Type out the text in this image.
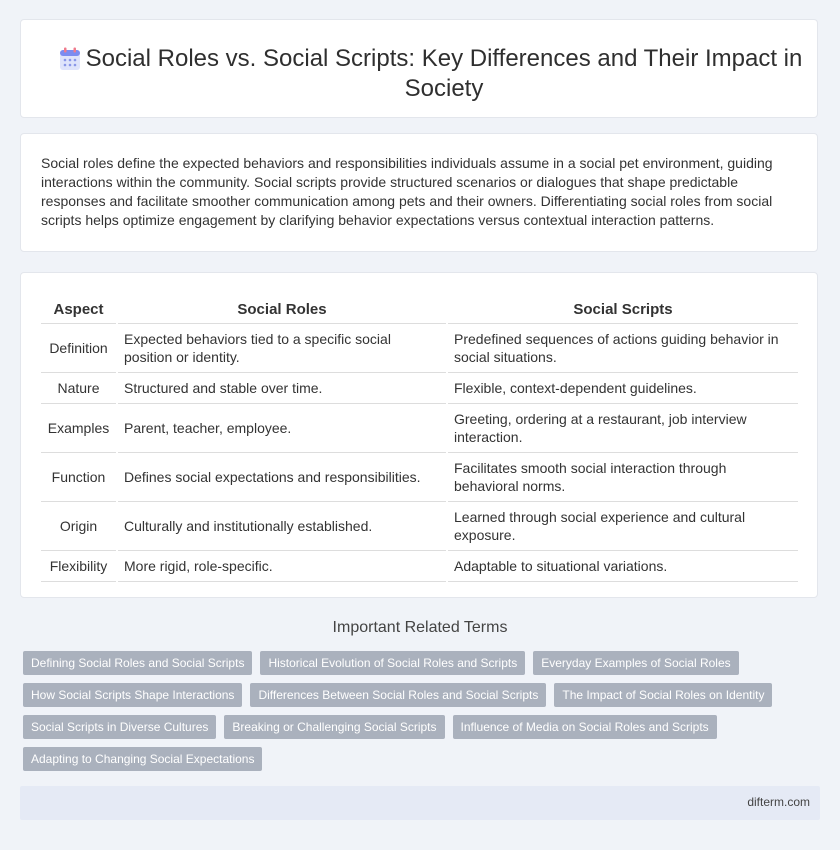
Social Roles vs. Social Scripts: Key Differences and Their Impact in Society

Social roles define the expected behaviors and responsibilities individuals assume in a social pet environment, guiding interactions within the community. Social scripts provide structured scenarios or dialogues that shape predictable responses and facilitate smoother communication among pets and their owners. Differentiating social roles from social scripts helps optimize engagement by clarifying behavior expectations versus contextual interaction patterns.

Aspect	Social Roles	Social Scripts
Definition	Expected behaviors tied to a specific social position or identity.	Predefined sequences of actions guiding behavior in social situations.
Nature	Structured and stable over time.	Flexible, context-dependent guidelines.
Examples	Parent, teacher, employee.	Greeting, ordering at a restaurant, job interview interaction.
Function	Defines social expectations and responsibilities.	Facilitates smooth social interaction through behavioral norms.
Origin	Culturally and institutionally established.	Learned through social experience and cultural exposure.
Flexibility	More rigid, role-specific.	Adaptable to situational variations.
Important Related Terms
Defining Social Roles and Social Scripts	Historical Evolution of Social Roles and Scripts	Everyday Examples of Social Roles
How Social Scripts Shape Interactions	Differences Between Social Roles and Social Scripts	The Impact of Social Roles on Identity
Social Scripts in Diverse Cultures	Breaking or Challenging Social Scripts	Influence of Media on Social Roles and Scripts
Adapting to Changing Social Expectations
difterm.com
